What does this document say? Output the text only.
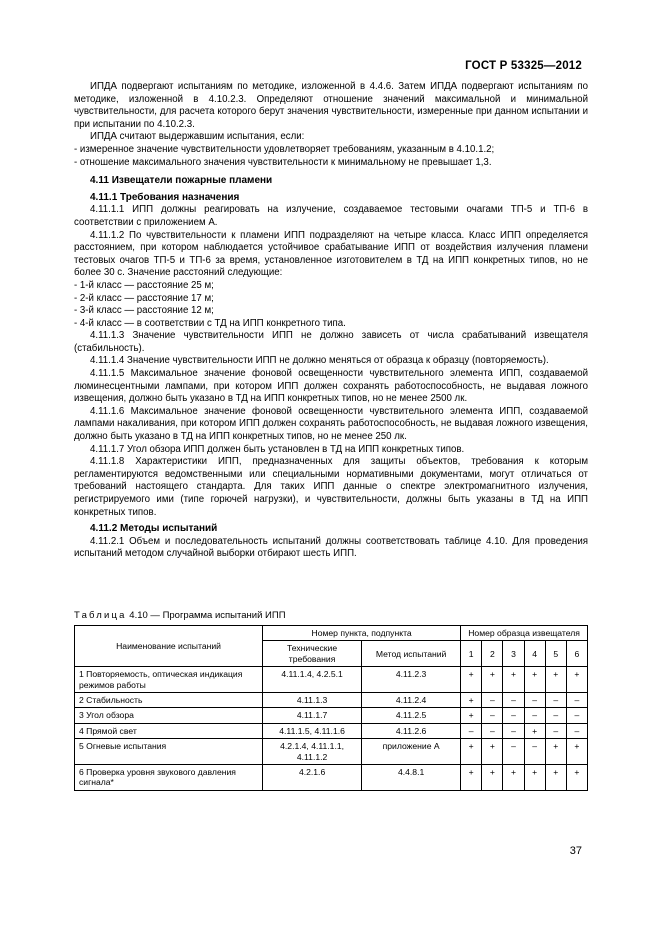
ГОСТ Р 53325—2012

ИПДА подвергают испытаниям по методике, изложенной в 4.4.6. Затем ИПДА подвергают испытаниям по методике, изложенной в 4.10.2.3. Определяют отношение значений максимальной и минимальной чувствительности, для расчета которого берут значения чувствительности, измеренные при данном испытании и при испытании по 4.10.2.3.

ИПДА считают выдержавшим испытания, если:

- измеренное значение чувствительности удовлетворяет требованиям, указанным в 4.10.1.2;

- отношение максимального значения чувствительности к минимальному не превышает 1,3.

4.11 Извещатели пожарные пламени
4.11.1 Требования назначения

4.11.1.1 ИПП должны реагировать на излучение, создаваемое тестовыми очагами ТП-5 и ТП-6 в соответствии с приложением А.

4.11.1.2 По чувствительности к пламени ИПП подразделяют на четыре класса. Класс ИПП определяется расстоянием, при котором наблюдается устойчивое срабатывание ИПП от воздействия излучения пламени тестовых очагов ТП-5 и ТП-6 за время, установленное изготовителем в ТД на ИПП конкретных типов, но не более 30 с. Значение расстояний следующие:

- 1-й класс — расстояние 25 м;

- 2-й класс — расстояние 17 м;

- 3-й класс — расстояние 12 м;

- 4-й класс — в соответствии с ТД на ИПП конкретного типа.

4.11.1.3 Значение чувствительности ИПП не должно зависеть от числа срабатываний извещателя (стабильность).

4.11.1.4 Значение чувствительности ИПП не должно меняться от образца к образцу (повторяемость).

4.11.1.5 Максимальное значение фоновой освещенности чувствительного элемента ИПП, создаваемой люминесцентными лампами, при котором ИПП должен сохранять работоспособность, не выдавая ложного извещения, должно быть указано в ТД на ИПП конкретных типов, но не менее 2500 лк.

4.11.1.6 Максимальное значение фоновой освещенности чувствительного элемента ИПП, создаваемой лампами накаливания, при котором ИПП должен сохранять работоспособность, не выдавая ложного извещения, должно быть указано в ТД на ИПП конкретных типов, но не менее 250 лк.

4.11.1.7 Угол обзора ИПП должен быть установлен в ТД на ИПП конкретных типов.

4.11.1.8 Характеристики ИПП, предназначенных для защиты объектов, требования к которым регламентируются ведомственными или специальными нормативными документами, могут отличаться от требований настоящего стандарта. Для таких ИПП данные о спектре электромагнитного излучения, регистрируемого ими (типе горючей нагрузки), и чувствительности, должны быть указаны в ТД на ИПП конкретных типов.

4.11.2 Методы испытаний

4.11.2.1 Объем и последовательность испытаний должны соответствовать таблице 4.10. Для проведения испытаний методом случайной выборки отбирают шесть ИПП.

Таблица 4.10 — Программа испытаний ИПП
Наименование испытаний	Номер пункта, подпункта		Номер образца извещателя					
	Технические требования	Метод испытаний	1	2	3	4	5	6
1 Повторяемость, оптическая индикация режимов работы	4.11.1.4, 4.2.5.1	4.11.2.3	+	+	+	+	+	+
2 Стабильность	4.11.1.3	4.11.2.4	+	–	–	–	–	–
3 Угол обзора	4.11.1.7	4.11.2.5	+	–	–	–	–	–
4 Прямой свет	4.11.1.5, 4.11.1.6	4.11.2.6	–	–	–	+	–	–
5 Огневые испытания	4.2.1.4, 4.11.1.1, 4.11.1.2	приложение А	+	+	–	–	+	+
6 Проверка уровня звукового давления сигнала*	4.2.1.6	4.4.8.1	+	+	+	+	+	+
37
